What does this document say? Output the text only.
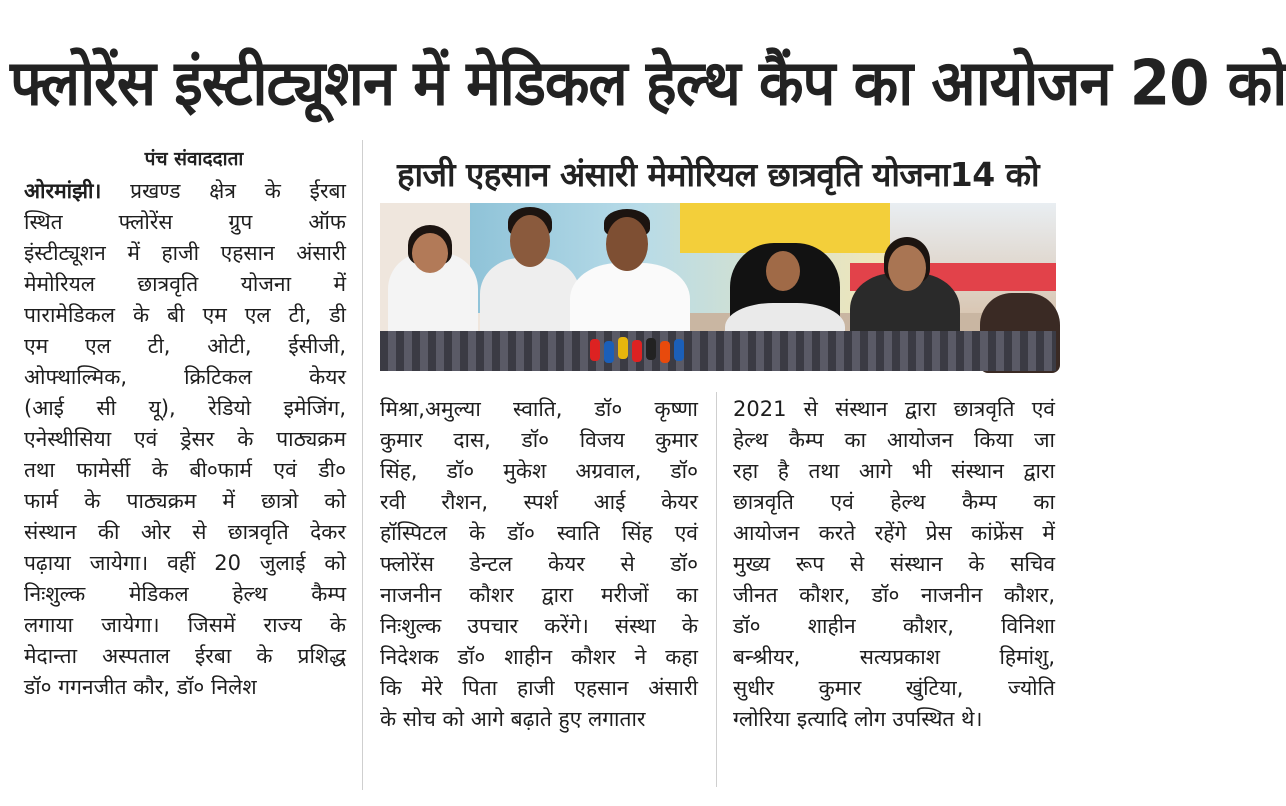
फ्लोरेंस इंस्टीट्यूशन में मेडिकल हेल्थ कैंप का आयोजन 20 को
पंच संवाददाता	हाजी एहसान अंसारी मेमोरियल छात्रवृति योजना14 को
ओरमांझी। प्रखण्ड क्षेत्र के ईरबा
स्थित फ्लोरेंस ग्रुप ऑफ
इंस्टीट्यूशन में हाजी एहसान अंसारी
मेमोरियल छात्रवृति योजना में
पारामेडिकल के बी एम एल टी, डी
एम एल टी, ओटी, ईसीजी,
ओफ्थाल्मिक, क्रिटिकल केयर
(आई सी यू), रेडियो इमेजिंग,
एनेस्थीसिया एवं ड्रेसर के पाठ्यक्रम
तथा फामेर्सी के बी०फार्म एवं डी०
फार्म के पाठ्यक्रम में छात्रो को
संस्थान की ओर से छात्रवृति देकर
पढ़ाया जायेगा। वहीं 20 जुलाई को
निःशुल्क मेडिकल हेल्थ कैम्प
लगाया जायेगा। जिसमें राज्य के
मेदान्ता अस्पताल ईरबा के प्रशिद्ध
डॉ० गगनजीत कौर, डॉ० निलेश
मिश्रा,अमुल्या स्वाति, डॉ० कृष्णा
कुमार दास, डॉ० विजय कुमार
सिंह, डॉ० मुकेश अग्रवाल, डॉ०
रवी रौशन, स्पर्श आई केयर
हॉस्पिटल के डॉ० स्वाति सिंह एवं
फ्लोरेंस डेन्टल केयर से डॉ०
नाजनीन कौशर द्वारा मरीजों का
निःशुल्क उपचार करेंगे। संस्था के
निदेशक डॉ० शाहीन कौशर ने कहा
कि मेरे पिता हाजी एहसान अंसारी
के सोच को आगे बढ़ाते हुए लगातार
2021 से संस्थान द्वारा छात्रवृति एवं
हेल्थ कैम्प का आयोजन किया जा
रहा है तथा आगे भी संस्थान द्वारा
छात्रवृति एवं हेल्थ कैम्प का
आयोजन करते रहेंगे प्रेस कांफ्रेंस में
मुख्य रूप से संस्थान के सचिव
जीनत कौशर, डॉ० नाजनीन कौशर,
डॉ० शाहीन कौशर, विनिशा
बन्श्रीयर, सत्यप्रकाश हिमांशु,
सुधीर कुमार खुंटिया, ज्योति
ग्लोरिया इत्यादि लोग उपस्थित थे।
